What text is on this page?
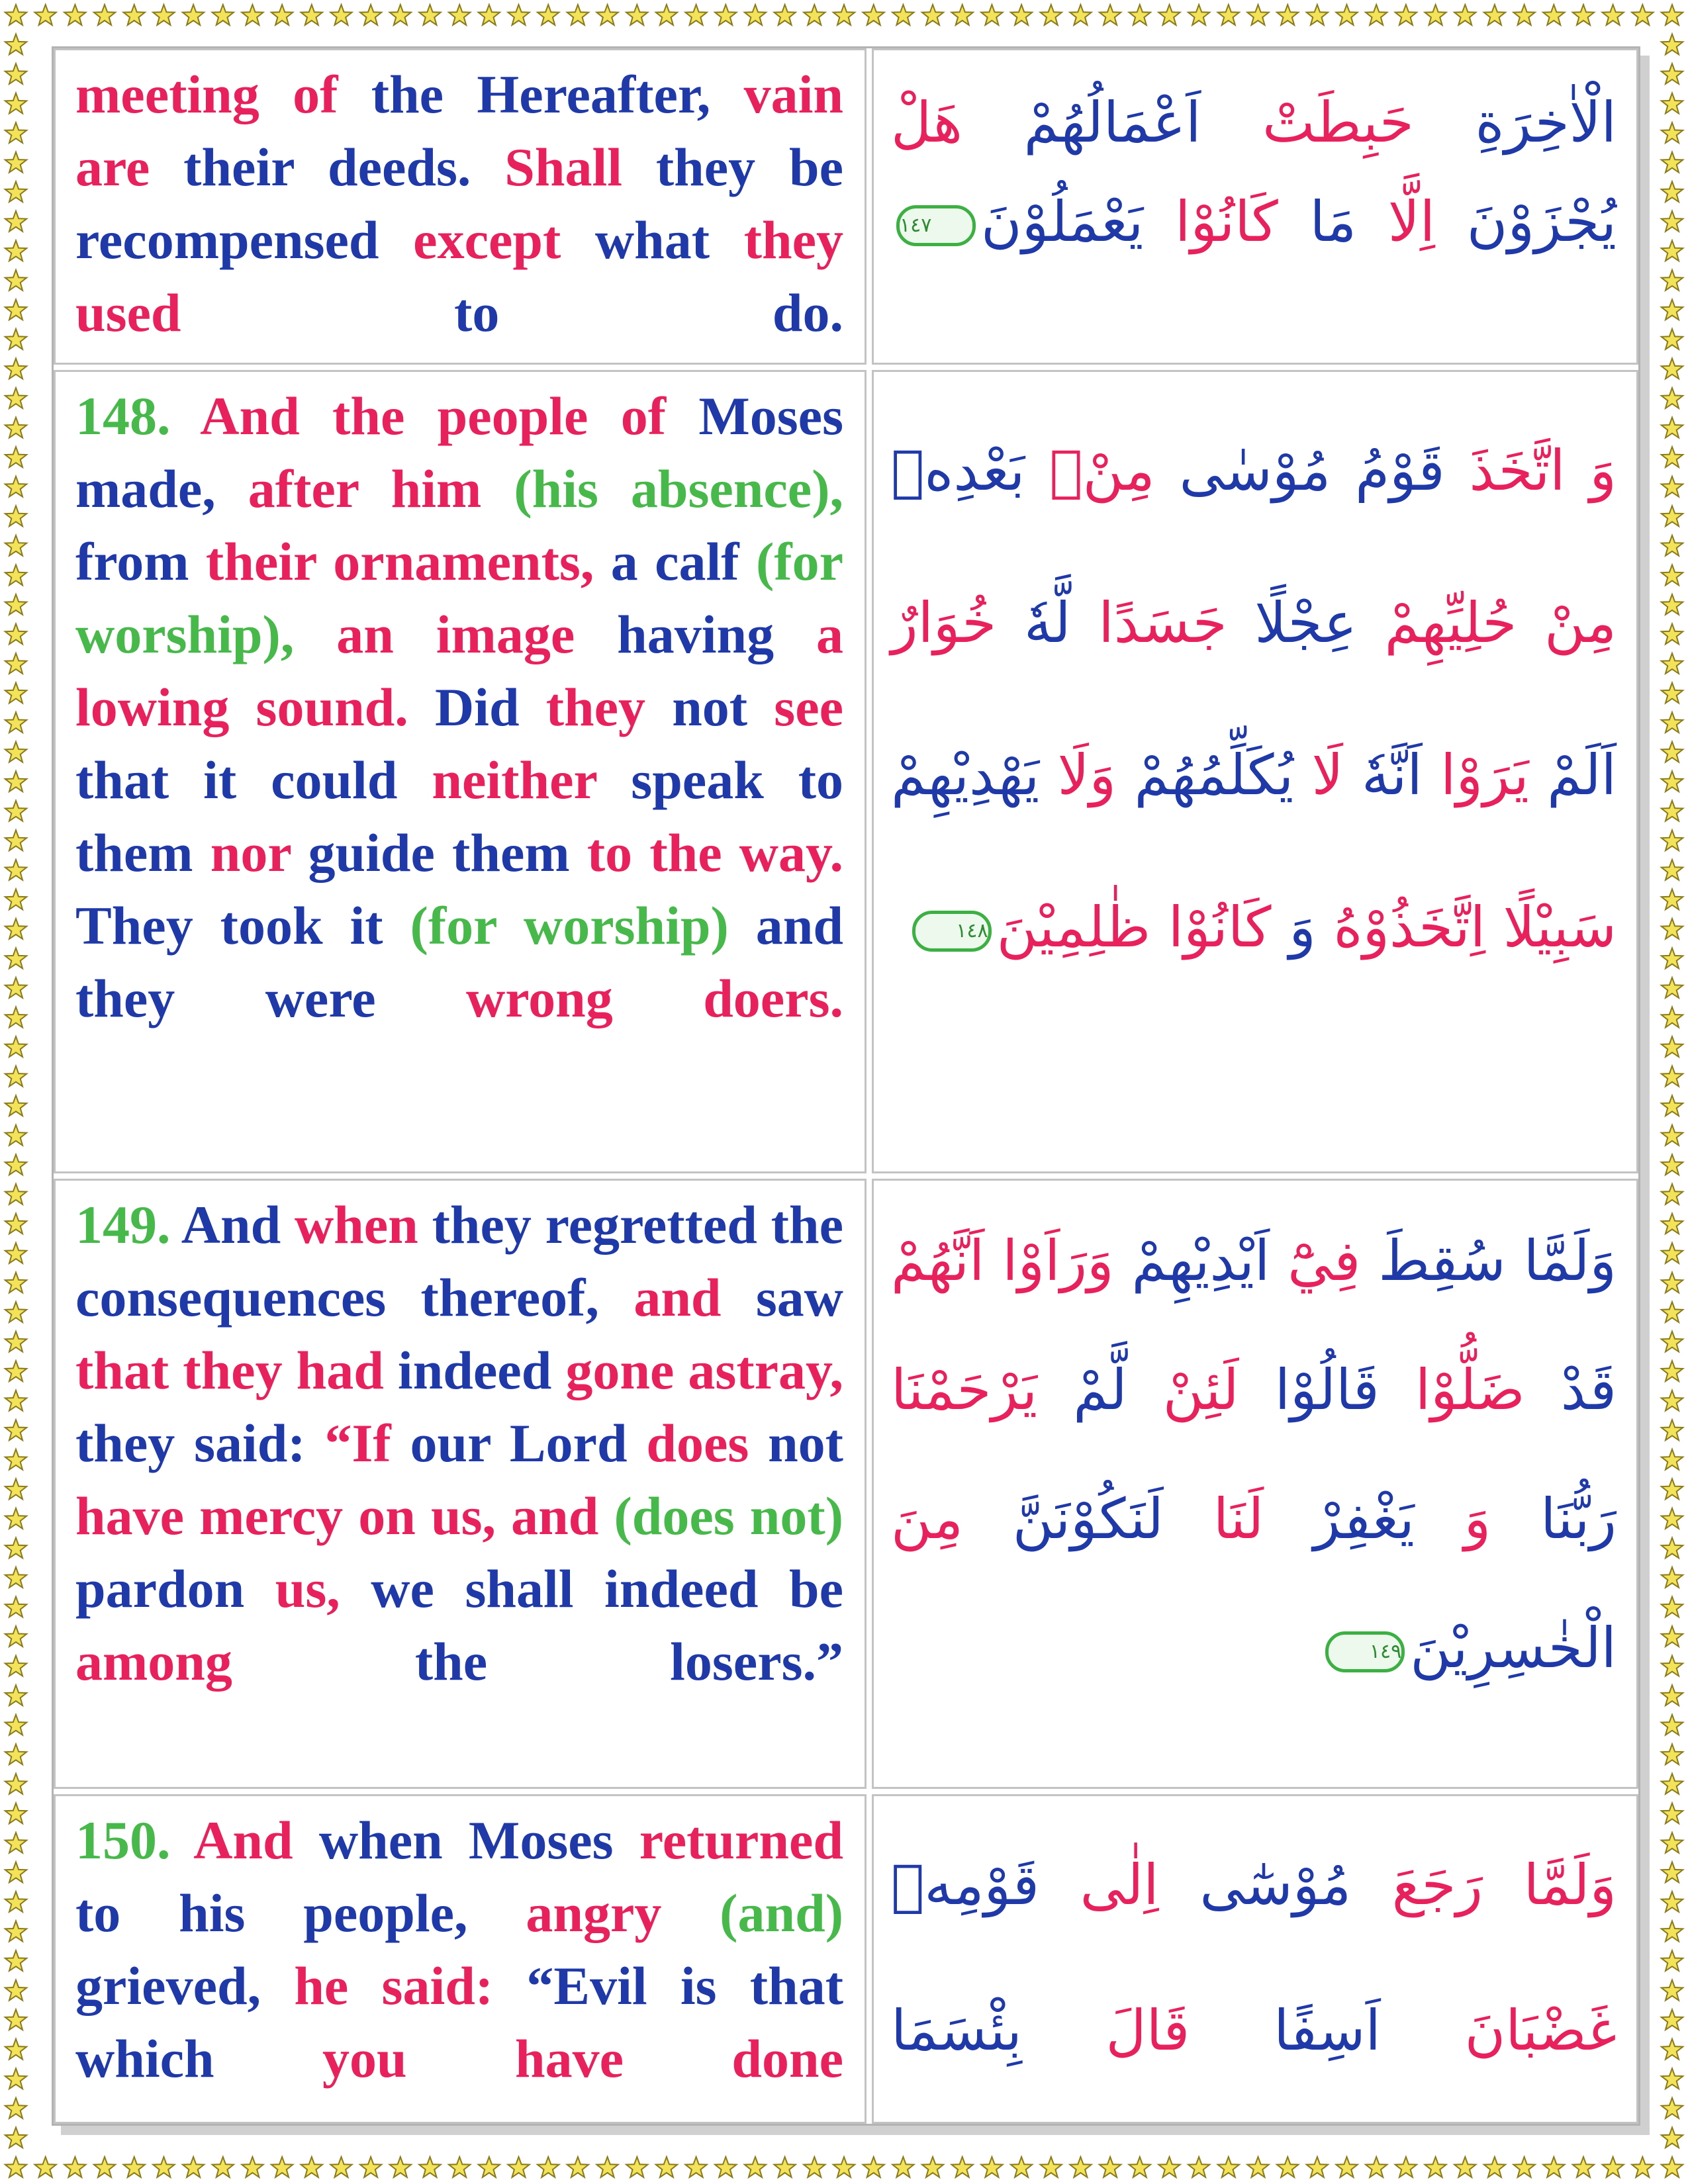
meeting of the Hereafter, vain are their deeds. Shall they be recompensed except what they used to do.
الْاٰخِرَةِ حَبِطَتْ اَعْمَالُهُمْ هَلْ يُجْزَوْنَ اِلَّا مَا كَانُوْا يَعْمَلُوْنَ
١٤٧
148. And the people of Moses made, after him (his absence), from their ornaments, a calf (for worship), an image having a lowing sound. Did they not see that it could neither speak to them nor guide them to the way. They took it (for worship) and they were wrong doers.
وَ اتَّخَذَ قَوْمُ مُوْسٰى مِنْۢ بَعْدِهٖ مِنْ حُلِيِّهِمْ عِجْلًا جَسَدًا لَّهٗ خُوَارٌ اَلَمْ يَرَوْا اَنَّهٗ لَا يُكَلِّمُهُمْ وَلَا يَهْدِيْهِمْ سَبِيْلًا اِتَّخَذُوْهُ وَ كَانُوْا ظٰلِمِيْنَ
١٤٨
149. And when they regretted the consequences thereof, and saw that they had indeed gone astray, they said: “If our Lord does not have mercy on us, and (does not) pardon us, we shall indeed be among the losers.”
وَلَمَّا سُقِطَ فِيْٓ اَيْدِيْهِمْ وَرَاَوْا اَنَّهُمْ قَدْ ضَلُّوْا قَالُوْا لَئِنْ لَّمْ يَرْحَمْنَا رَبُّنَا وَ يَغْفِرْ لَنَا لَنَكُوْنَنَّ مِنَ الْخٰسِرِيْنَ
١٤٩
150. And when Moses returned to his people, angry (and) grieved, he said: “Evil is that which you have done
وَلَمَّا رَجَعَ مُوْسٰٓى اِلٰى قَوْمِهٖ غَضْبَانَ اَسِفًا قَالَ بِئْسَمَا
